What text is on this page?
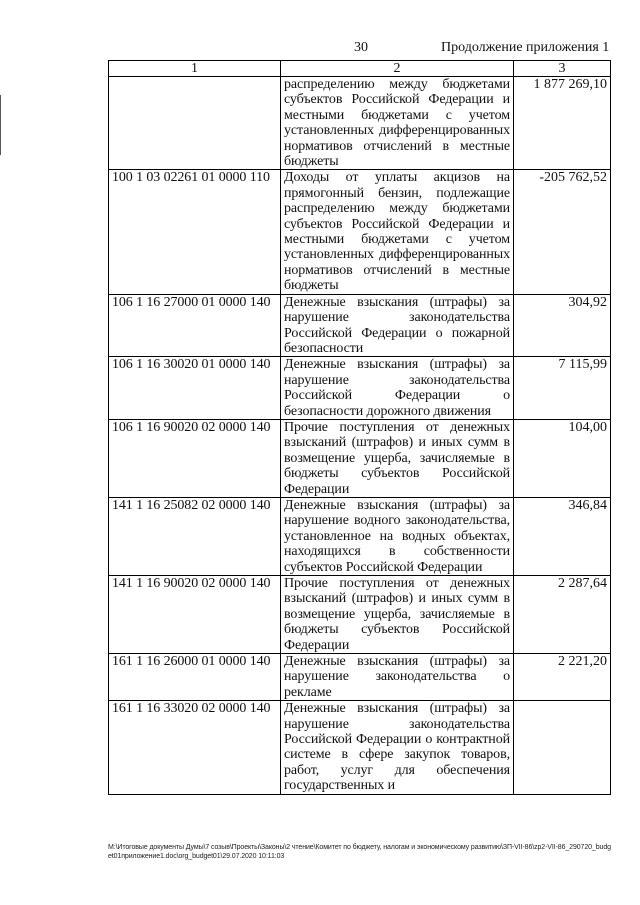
30	Продолжение приложения 1
1	2	3
	распределению между бюджетами субъектов Российской Федерации и местными бюджетами с учетом установленных дифференцированных нормативов отчислений в местные бюджеты	1 877 269,10
100 1 03 02261 01 0000 110	Доходы от уплаты акцизов на прямогонный бензин, подлежащие распределению между бюджетами субъектов Российской Федерации и местными бюджетами с учетом установленных дифференцированных нормативов отчислений в местные бюджеты	-205 762,52
106 1 16 27000 01 0000 140	Денежные взыскания (штрафы) за нарушение законодательства Российской Федерации о пожарной безопасности	304,92
106 1 16 30020 01 0000 140	Денежные взыскания (штрафы) за нарушение законодательства Российской Федерации о безопасности дорожного движения	7 115,99
106 1 16 90020 02 0000 140	Прочие поступления от денежных взысканий (штрафов) и иных сумм в возмещение ущерба, зачисляемые в бюджеты субъектов Российской Федерации	104,00
141 1 16 25082 02 0000 140	Денежные взыскания (штрафы) за нарушение водного законодательства, установленное на водных объектах, находящихся в собственности субъектов Российской Федерации	346,84
141 1 16 90020 02 0000 140	Прочие поступления от денежных взысканий (штрафов) и иных сумм в возмещение ущерба, зачисляемые в бюджеты субъектов Российской Федерации	2 287,64
161 1 16 26000 01 0000 140	Денежные взыскания (штрафы) за нарушение законодательства о рекламе	2 221,20
161 1 16 33020 02 0000 140	Денежные взыскания (штрафы) за нарушение законодательства Российской Федерации о контрактной системе в сфере закупок товаров, работ, услуг для обеспечения государственных и	
M:\Итоговые документы Думы\7 созыв\Проекты\Законы\2 чтение\Комитет по бюджету, налогам и экономическому развитию\ЗП-VII-86\zp2-VII-86_290720_budget01приложение1.doc\org_budget01\29.07.2020 10:11:03
